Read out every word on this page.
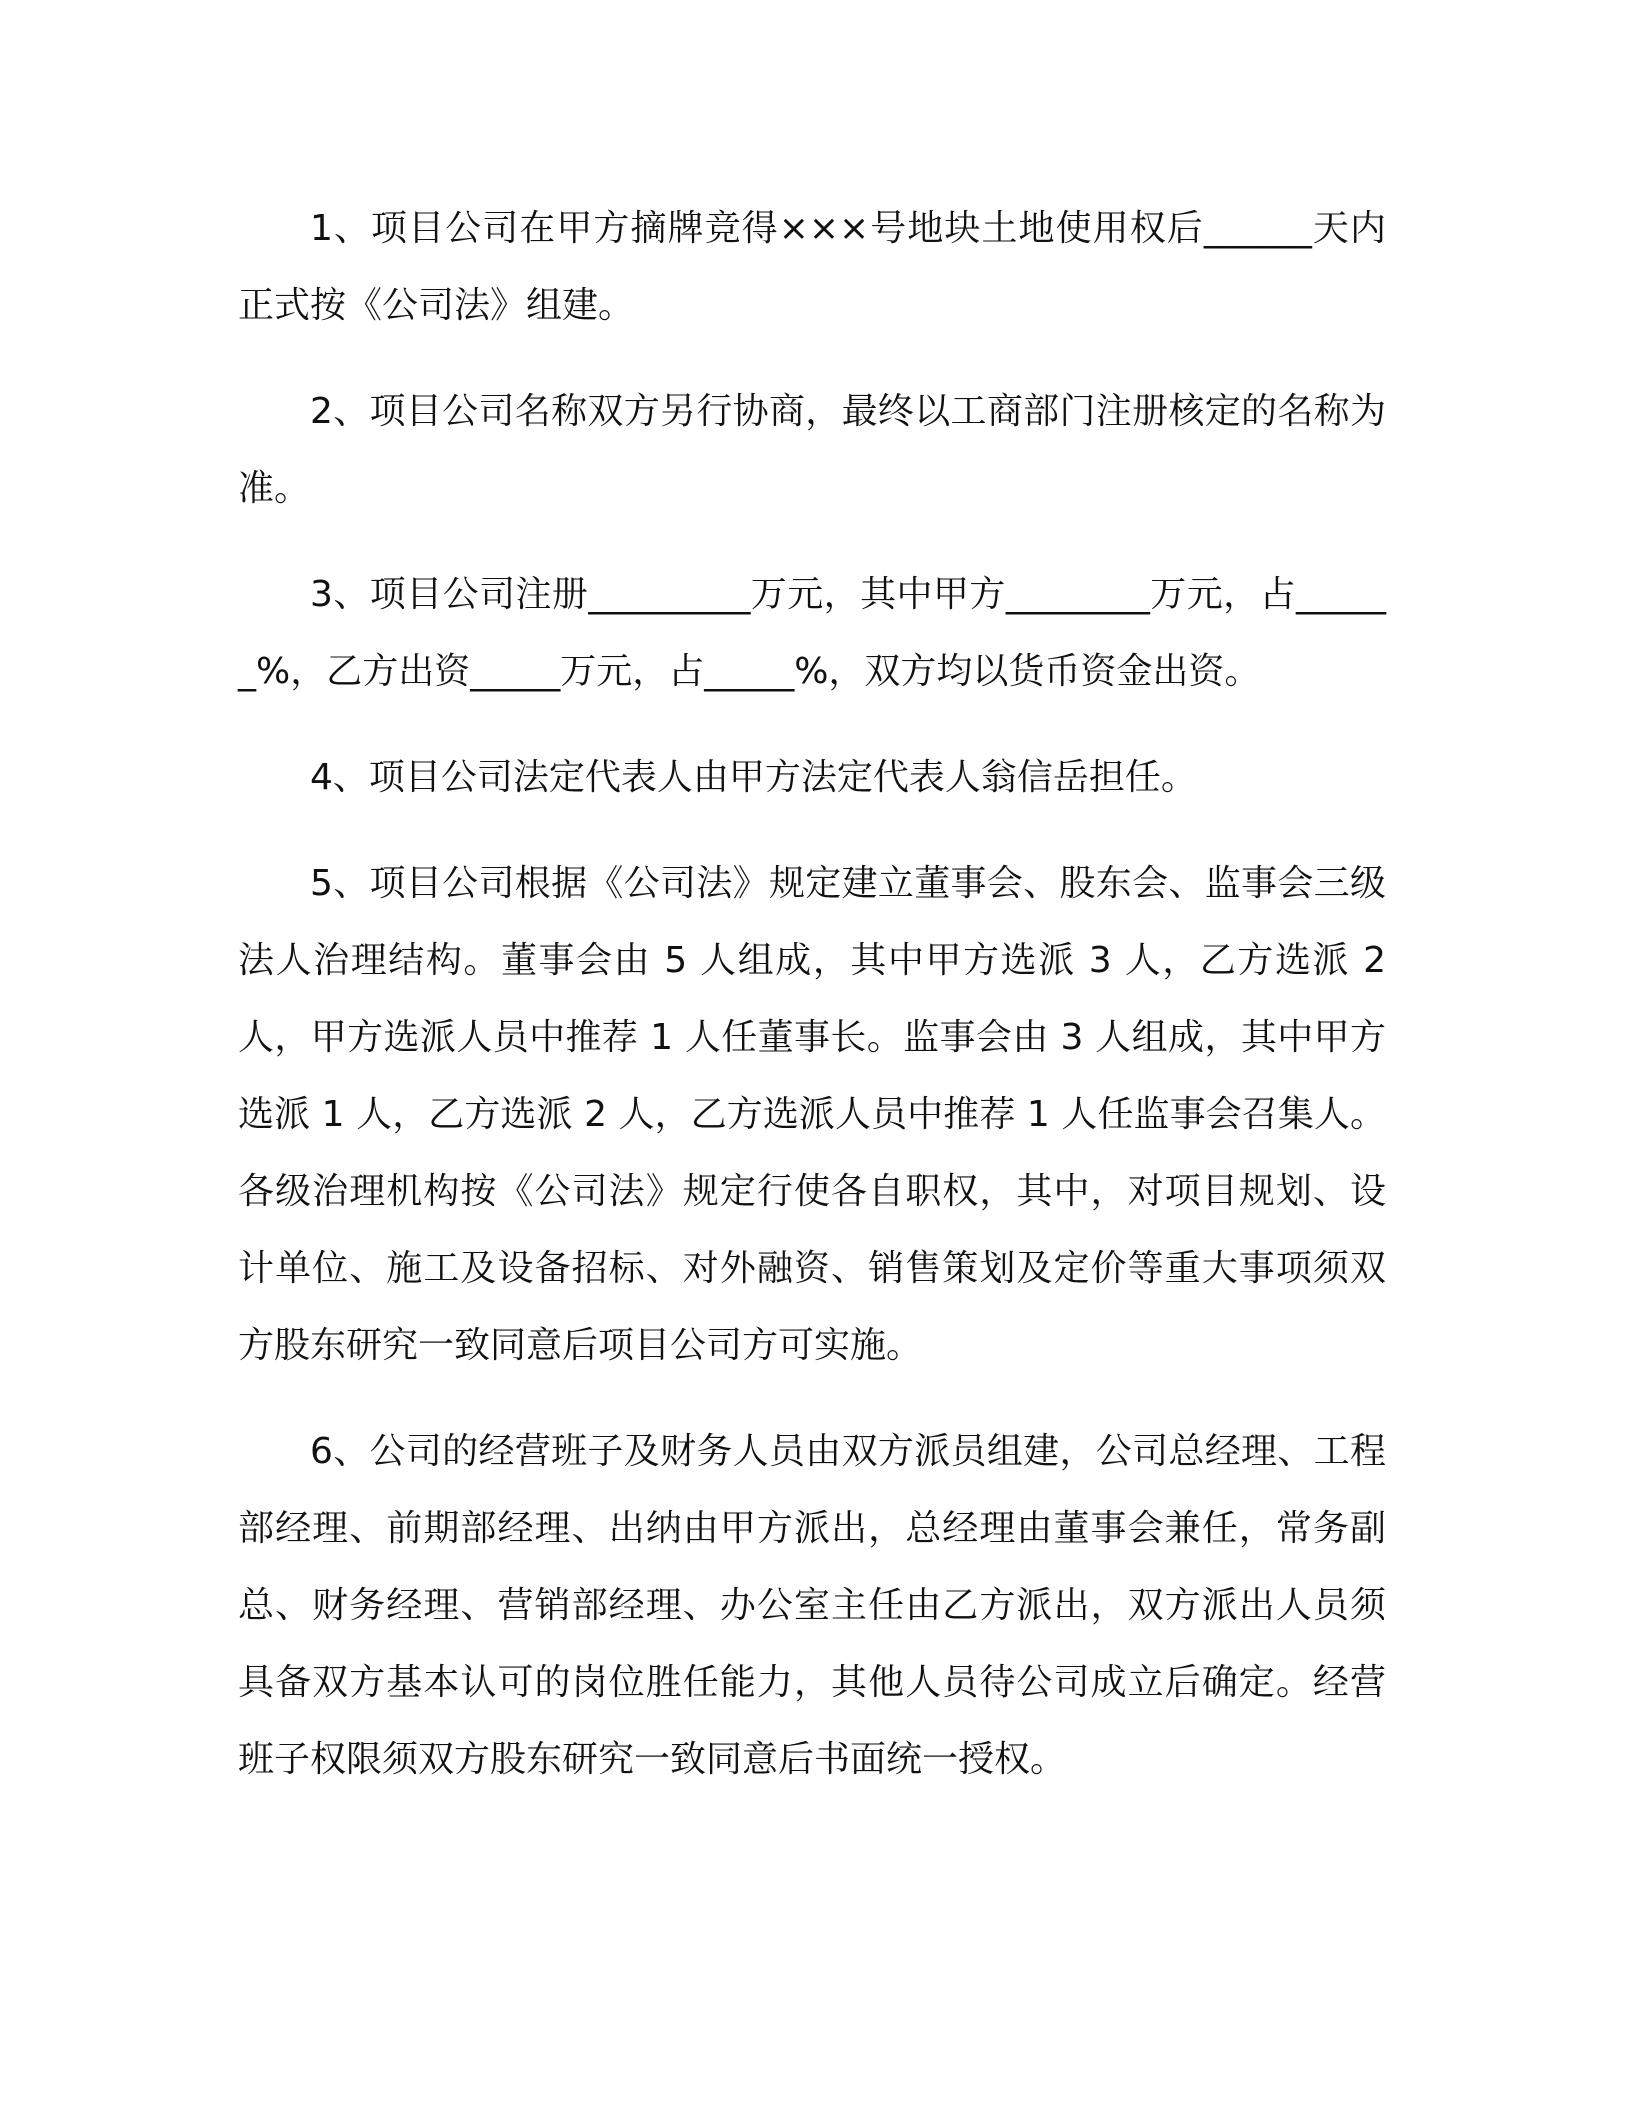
1、项目公司在甲方摘牌竞得×××号地块土地使用权后______天内正式按《公司法》组建。

2、项目公司名称双方另行协商，最终以工商部门注册核定的名称为准。

3、项目公司注册_________万元，其中甲方________万元，占______%，乙方出资_____万元，占_____%，双方均以货币资金出资。

4、项目公司法定代表人由甲方法定代表人翁信岳担任。

5、项目公司根据《公司法》规定建立董事会、股东会、监事会三级法人治理结构。董事会由 5 人组成，其中甲方选派 3 人，乙方选派 2 人，甲方选派人员中推荐 1 人任董事长。监事会由 3 人组成，其中甲方选派 1 人，乙方选派 2 人，乙方选派人员中推荐 1 人任监事会召集人。各级治理机构按《公司法》规定行使各自职权，其中，对项目规划、设计单位、施工及设备招标、对外融资、销售策划及定价等重大事项须双方股东研究一致同意后项目公司方可实施。

6、公司的经营班子及财务人员由双方派员组建，公司总经理、工程部经理、前期部经理、出纳由甲方派出，总经理由董事会兼任，常务副总、财务经理、营销部经理、办公室主任由乙方派出，双方派出人员须具备双方基本认可的岗位胜任能力，其他人员待公司成立后确定。经营班子权限须双方股东研究一致同意后书面统一授权。
